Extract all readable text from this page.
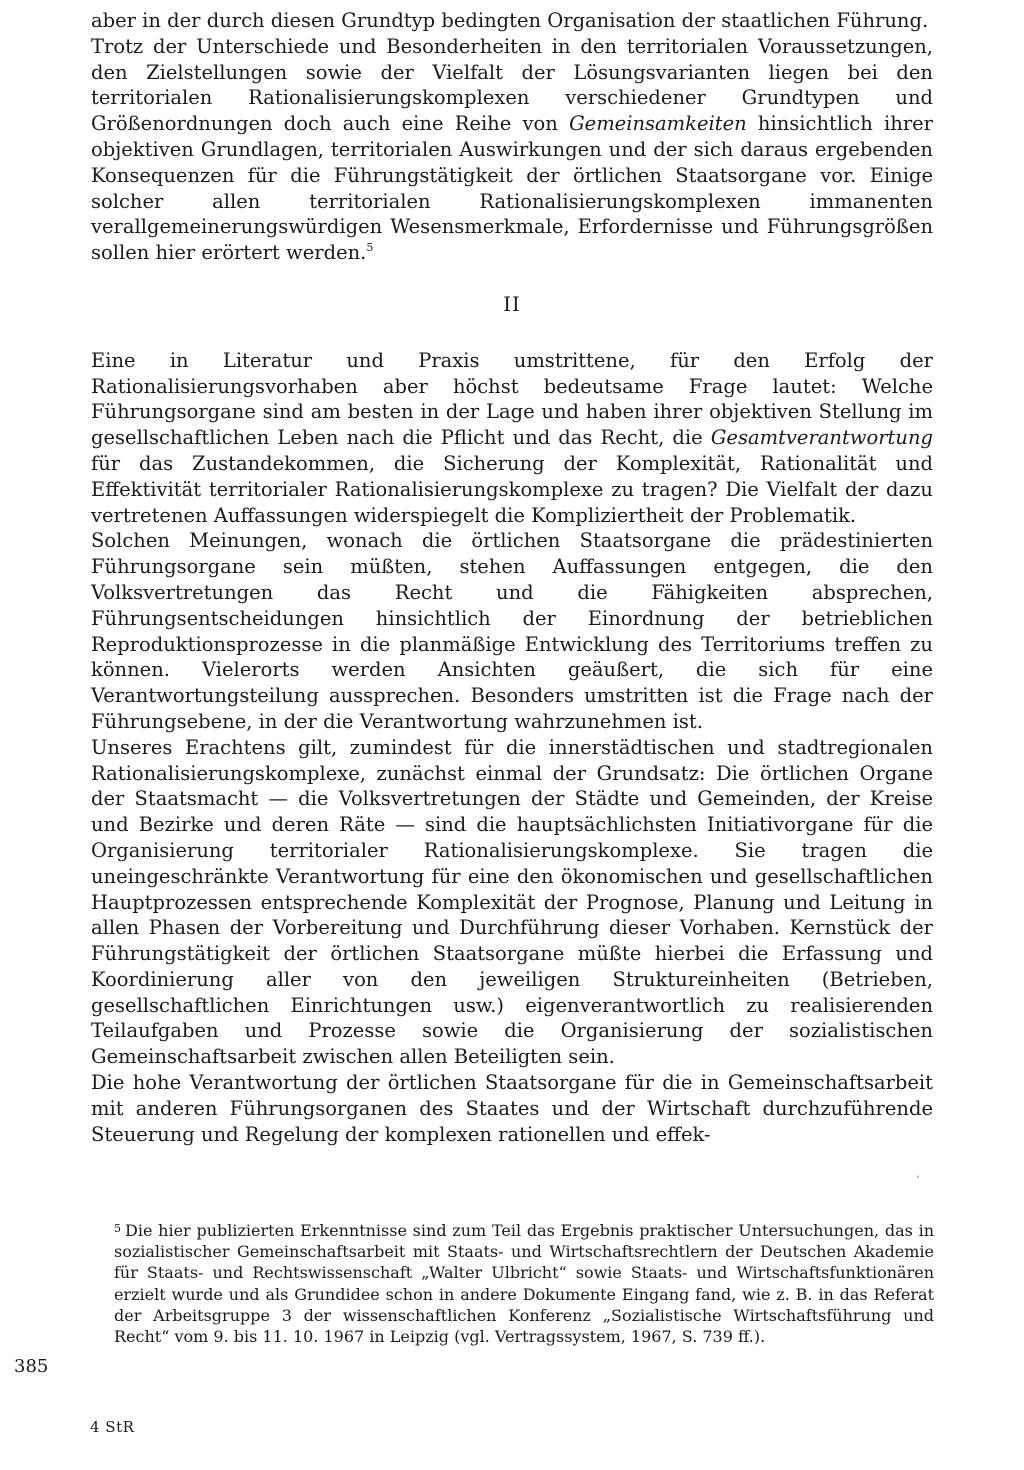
aber in der durch diesen Grundtyp bedingten Organisation der staatlichen Führung.

Trotz der Unterschiede und Besonderheiten in den territorialen Voraussetzungen, den Zielstellungen sowie der Vielfalt der Lösungsvarianten liegen bei den territorialen Rationalisierungskomplexen verschiedener Grundtypen und Größenordnungen doch auch eine Reihe von Gemeinsamkeiten hinsichtlich ihrer objektiven Grundlagen, territorialen Auswirkungen und der sich daraus ergebenden Konsequenzen für die Führungstätigkeit der örtlichen Staatsorgane vor. Einige solcher allen territorialen Rationalisierungskomplexen immanenten verallgemeinerungswürdigen Wesensmerkmale, Erfordernisse und Führungsgrößen sollen hier erörtert werden.$^5$

II

Eine in Literatur und Praxis umstrittene, für den Erfolg der Rationalisierungsvorhaben aber höchst bedeutsame Frage lautet: Welche Führungsorgane sind am besten in der Lage und haben ihrer objektiven Stellung im gesellschaftlichen Leben nach die Pflicht und das Recht, die Gesamtverantwortung für das Zustandekommen, die Sicherung der Komplexität, Rationalität und Effektivität territorialer Rationalisierungskomplexe zu tragen? Die Vielfalt der dazu vertretenen Auffassungen widerspiegelt die Kompliziertheit der Problematik.

Solchen Meinungen, wonach die örtlichen Staatsorgane die prädestinierten Führungsorgane sein müßten, stehen Auffassungen entgegen, die den Volksvertretungen das Recht und die Fähigkeiten absprechen, Führungsentscheidungen hinsichtlich der Einordnung der betrieblichen Reproduktionsprozesse in die planmäßige Entwicklung des Territoriums treffen zu können. Vielerorts werden Ansichten geäußert, die sich für eine Verantwortungsteilung aussprechen. Besonders umstritten ist die Frage nach der Führungsebene, in der die Verantwortung wahrzunehmen ist.

Unseres Erachtens gilt, zumindest für die innerstädtischen und stadtregionalen Rationalisierungskomplexe, zunächst einmal der Grundsatz: Die örtlichen Organe der Staatsmacht — die Volksvertretungen der Städte und Gemeinden, der Kreise und Bezirke und deren Räte — sind die hauptsächlichsten Initiativorgane für die Organisierung territorialer Rationalisierungskomplexe. Sie tragen die uneingeschränkte Verantwortung für eine den ökonomischen und gesellschaftlichen Hauptprozessen entsprechende Komplexität der Prognose, Planung und Leitung in allen Phasen der Vorbereitung und Durchführung dieser Vorhaben. Kernstück der Führungstätigkeit der örtlichen Staatsorgane müßte hierbei die Erfassung und Koordinierung aller von den jeweiligen Struktureinheiten (Betrieben, gesellschaftlichen Einrichtungen usw.) eigenverantwortlich zu realisierenden Teilaufgaben und Prozesse sowie die Organisierung der sozialistischen Gemeinschaftsarbeit zwischen allen Beteiligten sein.

Die hohe Verantwortung der örtlichen Staatsorgane für die in Gemeinschaftsarbeit mit anderen Führungsorganen des Staates und der Wirtschaft durchzuführende Steuerung und Regelung der komplexen rationellen und effek-

ʼ

$^5$ Die hier publizierten Erkenntnisse sind zum Teil das Ergebnis praktischer Untersuchungen, das in sozialistischer Gemeinschaftsarbeit mit Staats- und Wirtschaftsrechtlern der Deutschen Akademie für Staats- und Rechtswissenschaft „Walter Ulbricht“ sowie Staats- und Wirtschaftsfunktionären erzielt wurde und als Grundidee schon in andere Dokumente Eingang fand, wie z. B. in das Referat der Arbeitsgruppe 3 der wissenschaftlichen Konferenz „Sozialistische Wirtschaftsführung und Recht“ vom 9. bis 11. 10. 1967 in Leipzig (vgl. Vertragssystem, 1967, S. 739 ff.).

385
4 StR
